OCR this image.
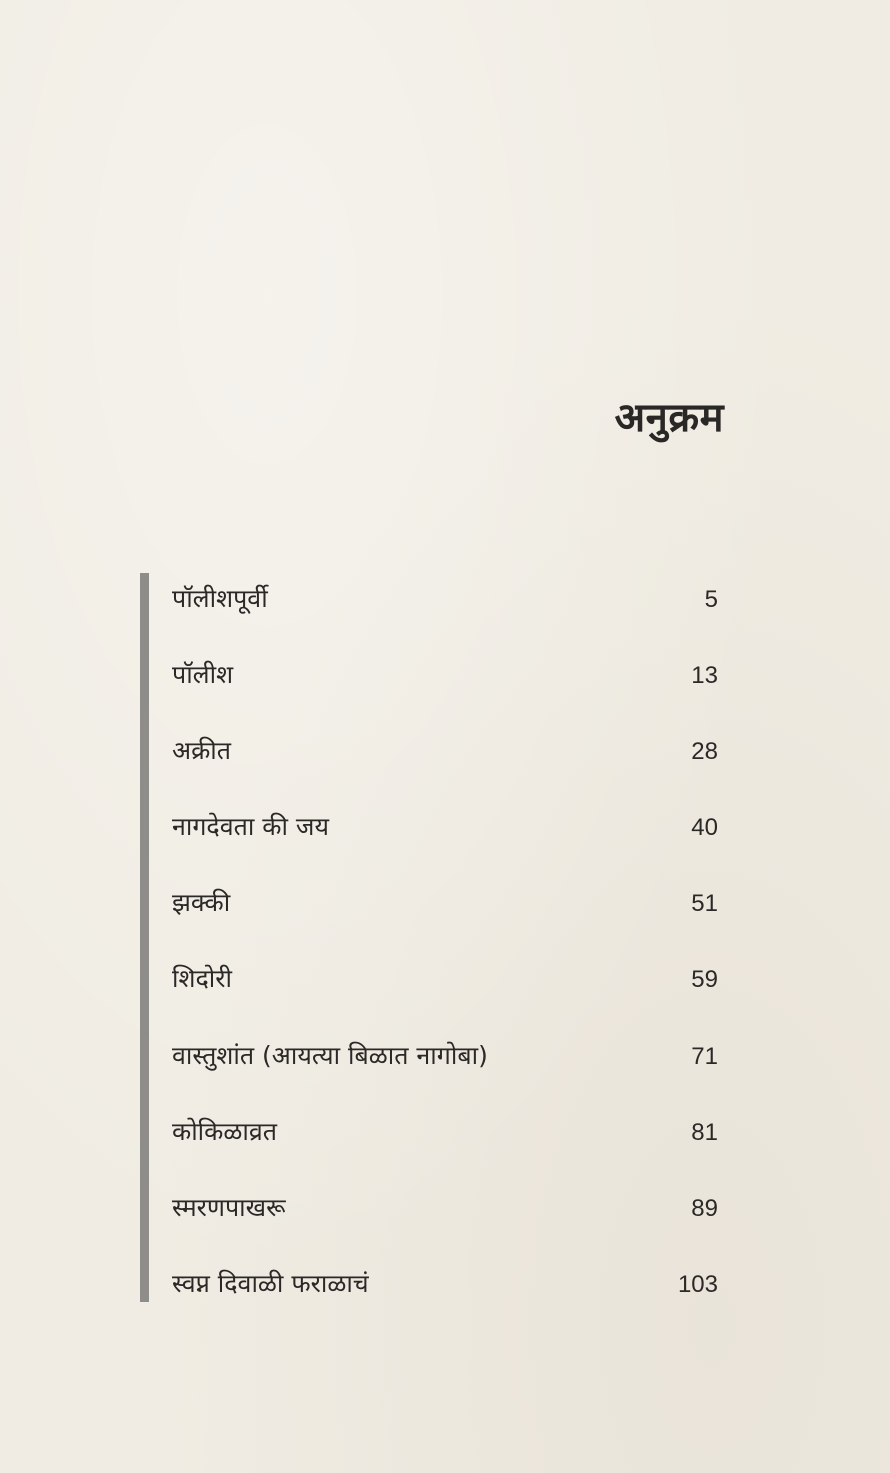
अनुक्रम
पॉलीशपूर्वी	5
पॉलीश	13
अक्रीत	28
नागदेवता की जय	40
झक्की	51
शिदोरी	59
वास्तुशांत (आयत्या बिळात नागोबा)	71
कोकिळाव्रत	81
स्मरणपाखरू	89
स्वप्न दिवाळी फराळाचं	103
